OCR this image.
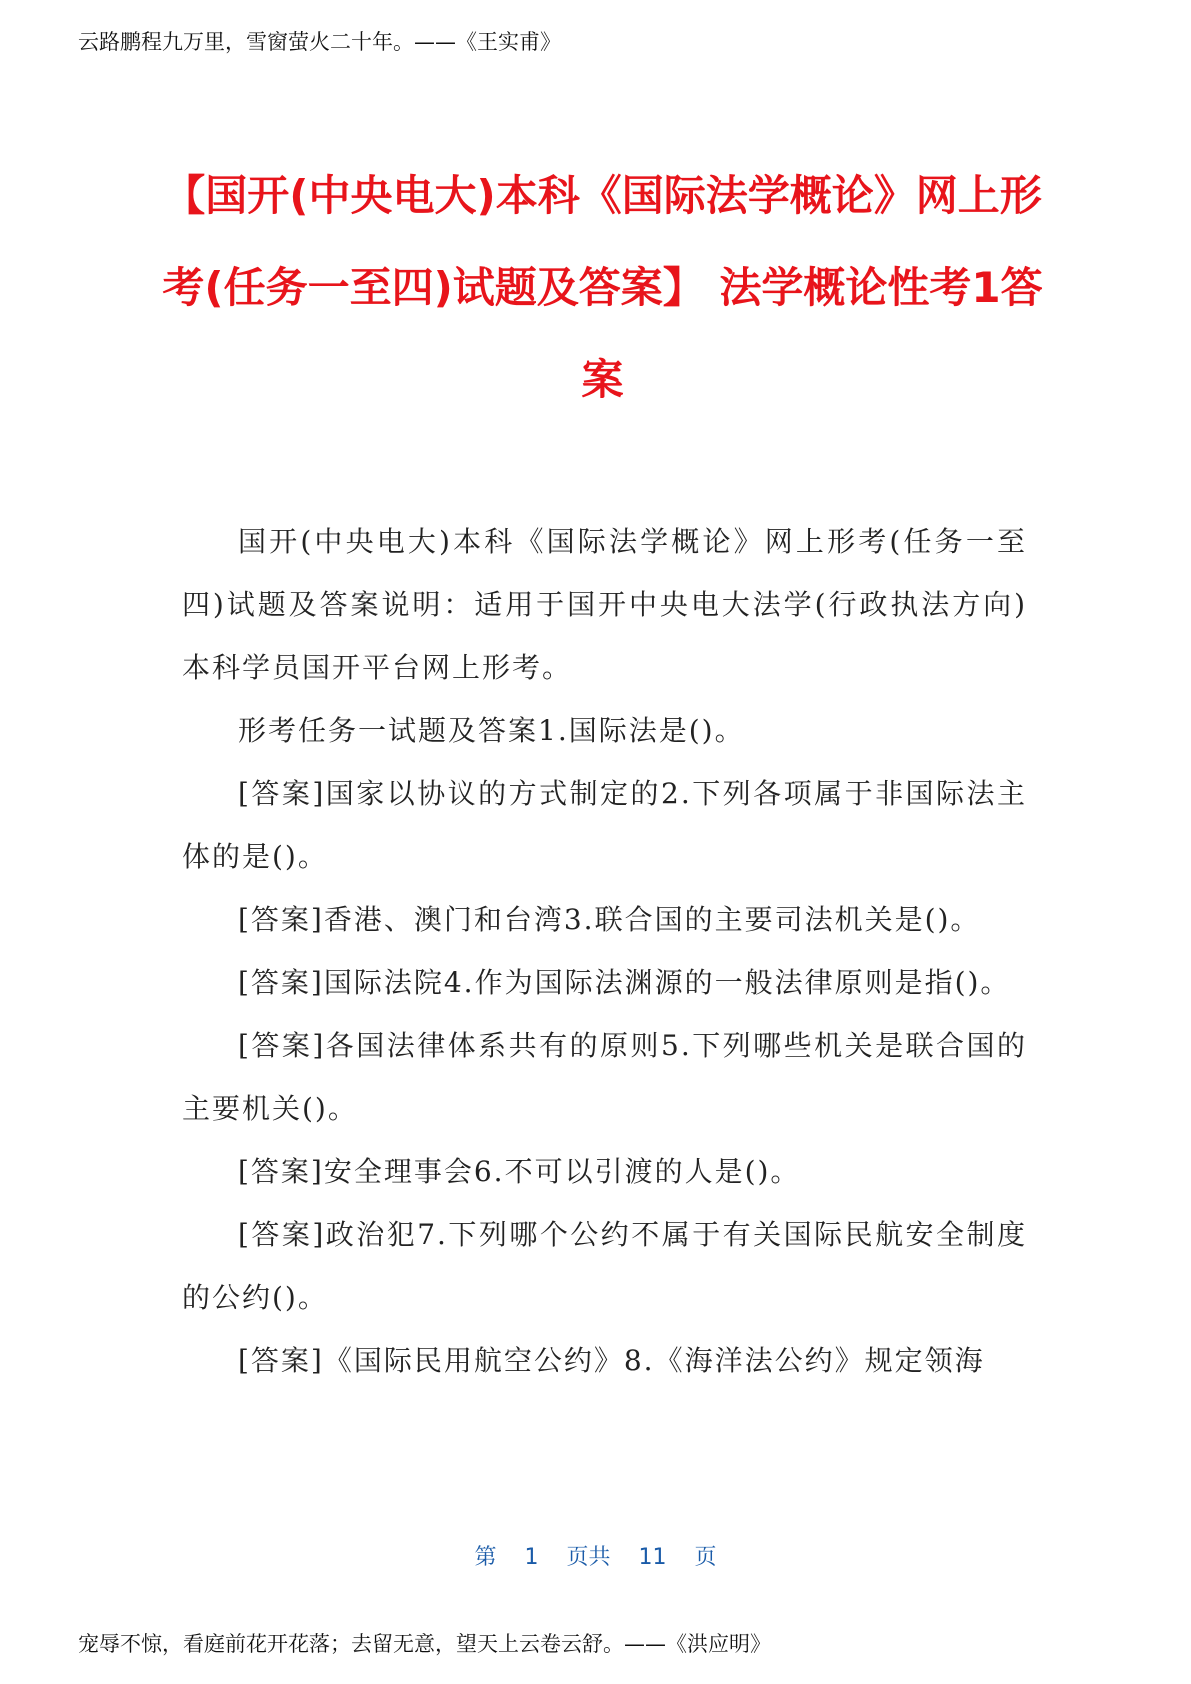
云路鹏程九万里，雪窗萤火二十年。——《王实甫》
【国开(中央电大)本科《国际法学概论》网上形考(任务一至四)试题及答案】 法学概论性考1答案

国开(中央电大)本科《国际法学概论》网上形考(任务一至四)试题及答案说明：适用于国开中央电大法学(行政执法方向)本科学员国开平台网上形考。

形考任务一试题及答案1.国际法是()。

[答案]国家以协议的方式制定的2.下列各项属于非国际法主体的是()。

[答案]香港、澳门和台湾3.联合国的主要司法机关是()。

[答案]国际法院4.作为国际法渊源的一般法律原则是指()。

[答案]各国法律体系共有的原则5.下列哪些机关是联合国的主要机关()。

[答案]安全理事会6.不可以引渡的人是()。

[答案]政治犯7.下列哪个公约不属于有关国际民航安全制度的公约()。

[答案]《国际民用航空公约》8.《海洋法公约》规定领海

第 1 页共 11 页
宠辱不惊，看庭前花开花落；去留无意，望天上云卷云舒。——《洪应明》
